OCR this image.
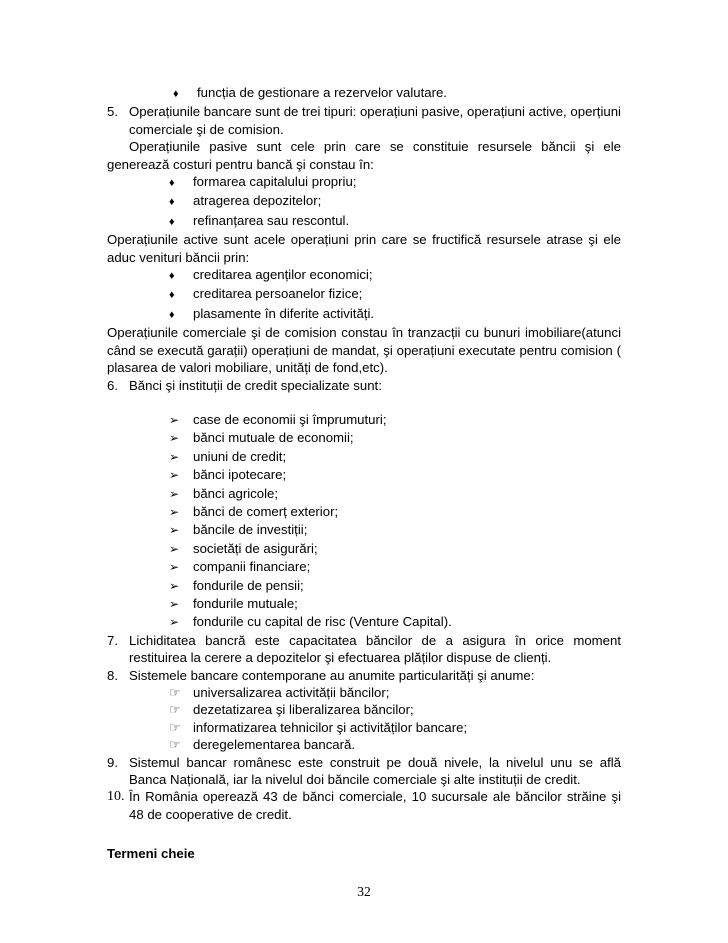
♦	funcția de gestionare a rezervelor valutare.
5. Operațiunile bancare sunt de trei tipuri: operațiuni pasive, operațiuni active, operțiuni comerciale şi de comision.

Operațiunile pasive sunt cele prin care se constituie resursele băncii şi ele generează costuri pentru bancă şi constau în:

♦	formarea capitalului propriu;
♦	atragerea depozitelor;
♦	refinanțarea sau rescontul.

Operațiunile active sunt acele operațiuni prin care se fructifică resursele atrase şi ele aduc venituri băncii prin:

♦	creditarea agenților economici;
♦	creditarea persoanelor fizice;
♦	plasamente în diferite activități.

Operațiunile comerciale şi de comision constau în tranzacții cu bunuri imobiliare(atunci când se execută garații) operațiuni de mandat, şi operațiuni executate pentru comision ( plasarea de valori mobiliare, unități de fond,etc).

6. Bănci şi instituții de credit specializate sunt:
➢	case de economii şi împrumuturi;
➢	bănci mutuale de economii;
➢	uniuni de credit;
➢	bănci ipotecare;
➢	bănci agricole;
➢	bănci de comerț exterior;
➢	băncile de investiții;
➢	societăți de asigurări;
➢	companii financiare;
➢	fondurile de pensii;
➢	fondurile mutuale;
➢	fondurile cu capital de risc (Venture Capital).
7. Lichiditatea bancră este capacitatea băncilor de a asigura în orice moment restituirea la cerere a depozitelor şi efectuarea plăților dispuse de clienți.
8. Sistemele bancare contemporane au anumite particularități şi anume:
☞ universalizarea activității băncilor;
☞ dezetatizarea şi liberalizarea băncilor;
☞ informatizarea tehnicilor şi activităților bancare;
☞ deregelementarea bancară.
9. Sistemul bancar românesc este construit pe două nivele, la nivelul unu se află Banca Națională, iar la nivelul doi băncile comerciale şi alte instituții de credit.
10. În România operează 43 de bănci comerciale, 10 sucursale ale băncilor străine şi 48 de cooperative de credit.

Termeni cheie

32
